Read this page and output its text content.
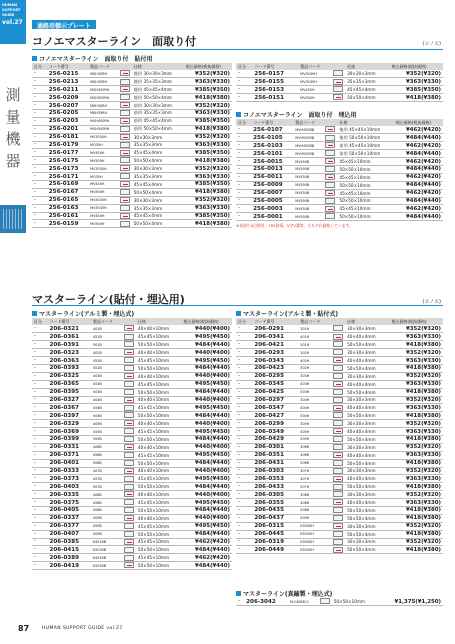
HUMAN
SUPPORT
GUIDE
vol.27
測量機器
通路用標示プレート
コノエマスターライン　面取り付	(コノエ)
コノエマスターライン　面取り付　貼付用
区分	コード番号	製品コード		仕様	税込価格(税抜価格)
–	256-0215	MKH30RH		後用 30×30×3mm	¥352(¥320)
–	256-0213	MKH35RH		後用 35×35×3mm	¥363(¥330)
–	256-0211	MVH450RH		後用 45×45×4mm	¥385(¥350)
–	256-0209	MVH500RH		後用 50×50×4mm	¥418(¥380)
–	256-0207	MKH30RH		前用 30×30×3mm	¥352(¥320)
–	256-0205	MKH35RH		前用 35×35×3mm	¥363(¥330)
–	256-0203	MVH450RH		前用 45×45×4mm	¥385(¥350)
–	256-0201	MVH500RH		前用 50×50×4mm	¥418(¥380)
–	256-0181	MV3030H		30×30×3mm	¥352(¥320)
–	256-0179	MO35H		35×35×3mm	¥363(¥330)
–	256-0177	MV450H		45×45×4mm	¥385(¥350)
–	256-0175	MV500H		50×50×4mm	¥418(¥380)
–	256-0173	MV3030H		30×30×3mm	¥352(¥320)
–	256-0171	MO35H		35×35×3mm	¥363(¥330)
–	256-0169	MV450H		45×45×4mm	¥385(¥350)
–	256-0167	MV500H		50×50×4mm	¥418(¥380)
–	256-0165	MV3030H		30×30×3mm	¥352(¥320)
–	256-0163	MV3535H		35×35×3mm	¥363(¥330)
–	256-0161	MV450H		45×45×4mm	¥385(¥350)
–	256-0159	MV500H		50×50×4mm	¥418(¥380)
区分	コード番号	製品コード		仕様	税込価格(税抜価格)
–	256-0157	MV3030H		30×30×3mm	¥352(¥320)
–	256-0155	MV3535H		35×35×3mm	¥363(¥330)
–	256-0153	MV450H		45×45×4mm	¥385(¥350)
–	256-0151	MV500H		50×50×4mm	¥418(¥380)
コノエマスターライン　面取り付　埋込用
区分	コード番号	製品コード		仕様	税込価格(税抜価格)
–	256-0107	MVH450RB		後用 45×45×10mm	¥462(¥420)
–	256-0105	MVH500RB		後用 50×50×10mm	¥484(¥440)
–	256-0103	MVH450RB		前用 45×45×10mm	¥462(¥420)
–	256-0101	MVH500RB		前用 50×50×10mm	¥484(¥440)
–	256-0015	MV450B		45×45×10mm	¥462(¥420)
–	256-0013	MV500B		50×50×10mm	¥484(¥440)
–	256-0011	MV450B		45×45×10mm	¥462(¥420)
–	256-0009	MV500B		50×50×10mm	¥484(¥440)
–	256-0007	MV450B		45×45×10mm	¥462(¥420)
–	256-0005	MV500B		50×50×10mm	¥484(¥440)
–	256-0003	MV450B		45×45×10mm	¥462(¥420)
–	256-0001	MV500B		50×50×10mm	¥484(¥440)
※表面や4辺使用、1R2誘導、V字V溝等、それぞれ価格しています。
マスターライン(貼付・埋込用)	(コノエ)
マスターライン(アルミ製・埋込式)
区分	コード番号	製品コード		仕様	税込価格(税抜価格)
–	206-0321	401B		40×40×10mm	¥440(¥400)
–	206-0361	451B		45×45×10mm	¥495(¥450)
–	206-0391	501B		50×50×10mm	¥484(¥440)
–	206-0323	402B		40×40×10mm	¥440(¥400)
–	206-0363	452B		45×45×10mm	¥495(¥450)
–	206-0393	502B		50×50×10mm	¥484(¥440)
–	206-0325	403B		40×40×10mm	¥440(¥400)
–	206-0365	453B		45×45×10mm	¥495(¥450)
–	206-0395	503B		50×50×10mm	¥484(¥440)
–	206-0327	404B		40×40×10mm	¥440(¥400)
–	206-0367	454B		45×45×10mm	¥495(¥450)
–	206-0397	504B		50×50×10mm	¥484(¥440)
–	206-0329	405B		40×40×10mm	¥440(¥400)
–	206-0369	455B		45×45×10mm	¥495(¥450)
–	206-0399	505B		50×50×10mm	¥484(¥440)
–	206-0331	406B		40×40×10mm	¥440(¥400)
–	206-0371	456B		45×45×10mm	¥495(¥450)
–	206-0401	506B		50×50×10mm	¥484(¥440)
–	206-0333	407B		40×40×10mm	¥440(¥400)
–	206-0373	457B		45×45×10mm	¥495(¥450)
–	206-0403	507B		50×50×10mm	¥484(¥440)
–	206-0335	408B		40×40×10mm	¥440(¥400)
–	206-0375	458B		45×45×10mm	¥495(¥450)
–	206-0405	508B		50×50×10mm	¥484(¥440)
–	206-0337	409B		40×40×10mm	¥440(¥400)
–	206-0377	459B		45×45×10mm	¥495(¥450)
–	206-0407	509B		50×50×10mm	¥484(¥440)
–	206-0385	K4530B		45×45×10mm	¥462(¥420)
–	206-0415	K5030B		50×50×10mm	¥484(¥440)
–	206-0389	K4550B		45×45×10mm	¥462(¥420)
–	206-0419	K5050B		50×50×10mm	¥484(¥440)
マスターライン(アルミ製・貼付式)
区分	コード番号	製品コード		仕様	税込価格(税抜価格)
–	206-0291	301H		30×30×3mm	¥352(¥320)
–	206-0341	401H		40×40×4mm	¥363(¥330)
–	206-0421	501H		50×50×4mm	¥418(¥380)
–	206-0293	302H		30×30×3mm	¥352(¥320)
–	206-0343	402H		40×40×4mm	¥363(¥330)
–	206-0423	502H		50×50×4mm	¥418(¥380)
–	206-0295	303H		30×30×3mm	¥352(¥320)
–	206-0345	403H		40×40×4mm	¥363(¥330)
–	206-0425	503H		50×50×4mm	¥418(¥380)
–	206-0297	304H		30×30×3mm	¥352(¥320)
–	206-0347	404H		40×40×4mm	¥363(¥330)
–	206-0427	504H		50×50×4mm	¥418(¥380)
–	206-0299	305H		30×30×3mm	¥352(¥320)
–	206-0349	405H		40×40×4mm	¥363(¥330)
–	206-0429	505H		50×50×4mm	¥418(¥380)
–	206-0301	306H		30×30×3mm	¥352(¥320)
–	206-0351	406H		40×40×4mm	¥363(¥330)
–	206-0431	506H		50×50×4mm	¥418(¥380)
–	206-0303	307H		30×30×3mm	¥352(¥320)
–	206-0353	407H		40×40×4mm	¥363(¥330)
–	206-0433	507H		50×50×4mm	¥418(¥380)
–	206-0305	308H		30×30×3mm	¥352(¥320)
–	206-0355	408H		40×40×4mm	¥363(¥330)
–	206-0435	508H		50×50×4mm	¥418(¥380)
–	206-0437	509H		50×50×4mm	¥418(¥380)
–	206-0315	K3030H		30×30×3mm	¥352(¥320)
–	206-0445	K5030H		50×50×4mm	¥418(¥380)
–	206-0319	K3050H		30×30×3mm	¥352(¥320)
–	206-0449	K5050H		50×50×4mm	¥418(¥380)
マスターライン(真鍮製・埋込式)
–	206-3042	M-145BM-2		50×50×10mm	¥1,375(¥1,250)
87	HUMAN SUPPORT GUIDE vol.27
